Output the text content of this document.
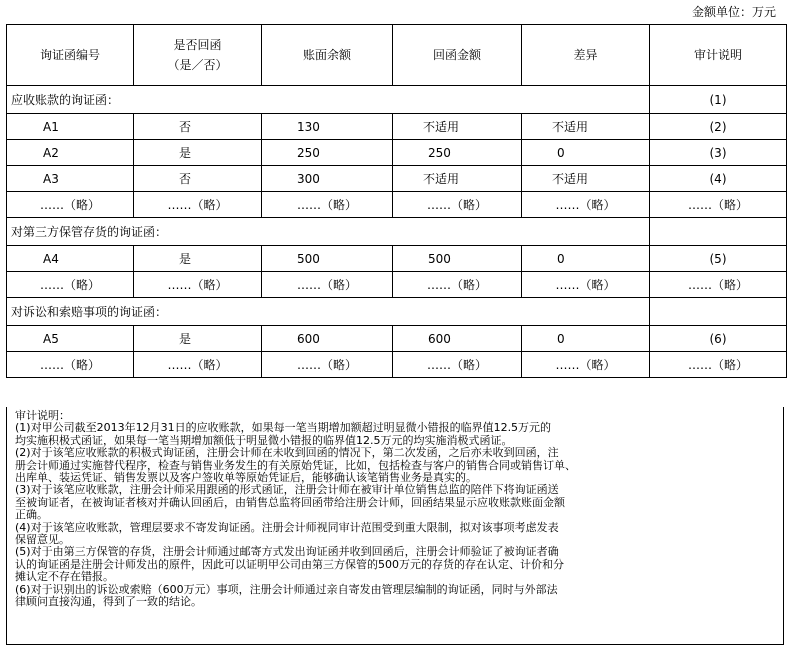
金额单位：万元
询证函编号	是否回函
（是／否）	账面余额	回函金额	差异	审计说明
应收账款的询证函：					(1)
A1	否	130	不适用	不适用	(2)
A2	是	250	250	0	(3)
A3	否	300	不适用	不适用	(4)
……（略）	……（略）	……（略）	……（略）	……（略）	……（略）
对第三方保管存货的询证函：					
A4	是	500	500	0	(5)
……（略）	……（略）	……（略）	……（略）	……（略）	……（略）
对诉讼和索赔事项的询证函：					
A5	是	600	600	0	(6)
……（略）	……（略）	……（略）	……（略）	……（略）	……（略）

审计说明：

(1)对甲公司截至2013年12月31日的应收账款，如果每一笔当期增加额超过明显微小错报的临界值12.5万元的

均实施积极式函证，如果每一笔当期增加额低于明显微小错报的临界值12.5万元的均实施消极式函证。

(2)对于该笔应收账款的积极式询证函，注册会计师在未收到回函的情况下，第二次发函，之后亦未收到回函，注

册会计师通过实施替代程序，检查与销售业务发生的有关原始凭证，比如，包括检查与客户的销售合同或销售订单、

出库单、装运凭证、销售发票以及客户签收单等原始凭证后，能够确认该笔销售业务是真实的。

(3)对于该笔应收账款，注册会计师采用跟函的形式函证，注册会计师在被审计单位销售总监的陪伴下将询证函送

至被询证者，在被询证者核对并确认回函后，由销售总监将回函带给注册会计师，回函结果显示应收账款账面金额

正确。

(4)对于该笔应收账款，管理层要求不寄发询证函。注册会计师视同审计范围受到重大限制，拟对该事项考虑发表

保留意见。

(5)对于由第三方保管的存货，注册会计师通过邮寄方式发出询证函并收到回函后，注册会计师验证了被询证者确

认的询证函是注册会计师发出的原件，因此可以证明甲公司由第三方保管的500万元的存货的存在认定、计价和分

摊认定不存在错报。

(6)对于识别出的诉讼或索赔（600万元）事项，注册会计师通过亲自寄发由管理层编制的询证函，同时与外部法

律顾问直接沟通，得到了一致的结论。
